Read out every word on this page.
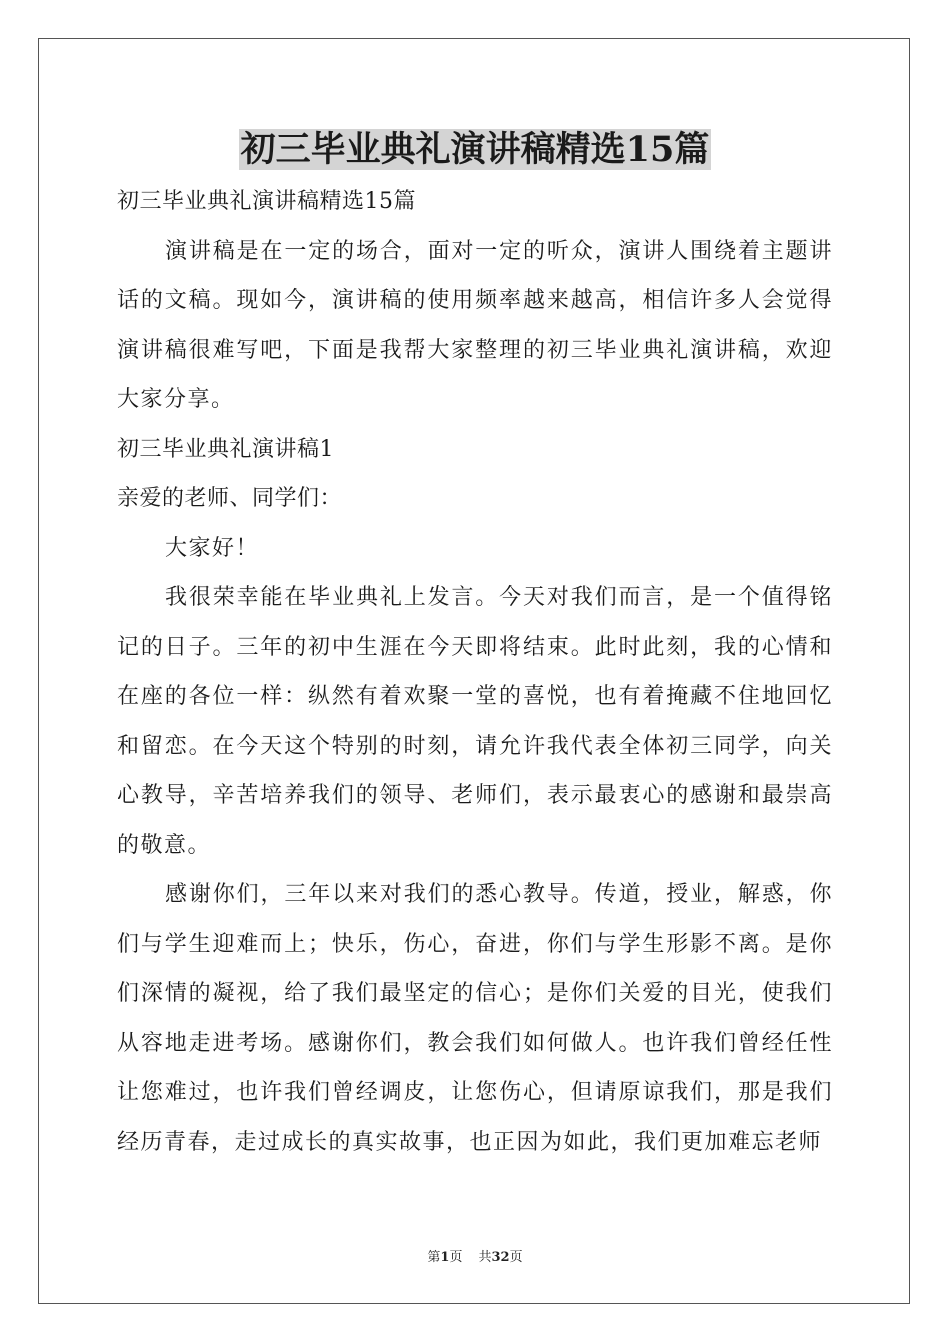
初三毕业典礼演讲稿精选15篇

初三毕业典礼演讲稿精选15篇

演讲稿是在一定的场合，面对一定的听众，演讲人围绕着主题讲话的文稿。现如今，演讲稿的使用频率越来越高，相信许多人会觉得演讲稿很难写吧，下面是我帮大家整理的初三毕业典礼演讲稿，欢迎大家分享。

初三毕业典礼演讲稿1

亲爱的老师、同学们：

大家好！

我很荣幸能在毕业典礼上发言。今天对我们而言，是一个值得铭记的日子。三年的初中生涯在今天即将结束。此时此刻，我的心情和在座的各位一样：纵然有着欢聚一堂的喜悦，也有着掩藏不住地回忆和留恋。在今天这个特别的时刻，请允许我代表全体初三同学，向关心教导，辛苦培养我们的领导、老师们，表示最衷心的感谢和最崇高的敬意。

感谢你们，三年以来对我们的悉心教导。传道，授业，解惑，你们与学生迎难而上；快乐，伤心，奋进，你们与学生形影不离。是你们深情的凝视，给了我们最坚定的信心；是你们关爱的目光，使我们从容地走进考场。感谢你们，教会我们如何做人。也许我们曾经任性让您难过，也许我们曾经调皮，让您伤心，但请原谅我们，那是我们经历青春，走过成长的真实故事，也正因为如此，我们更加难忘老师

第1页 共32页
